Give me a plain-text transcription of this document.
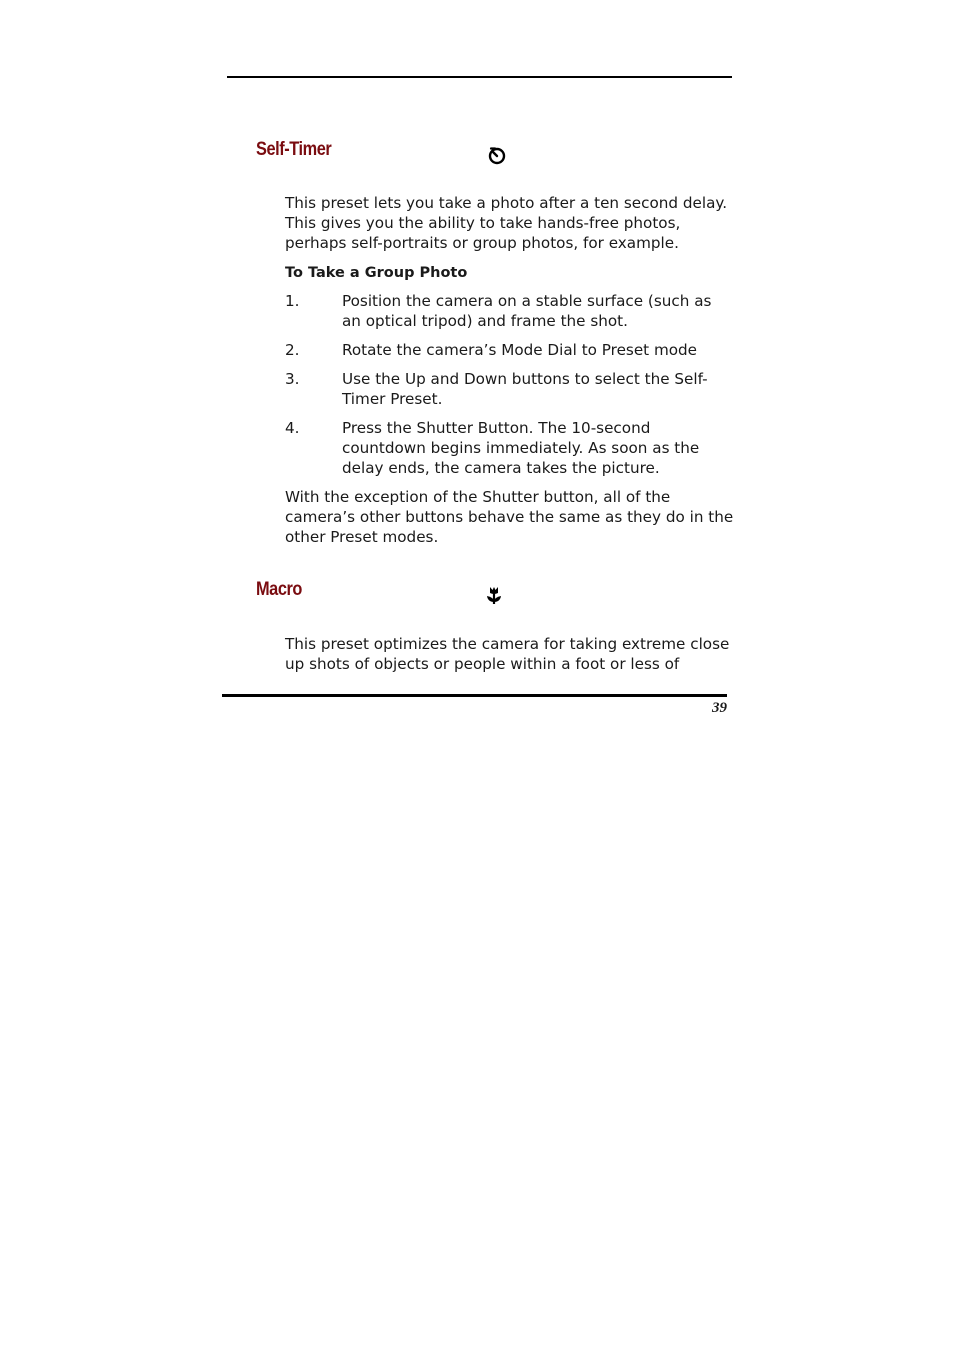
Self-Timer
This preset lets you take a photo after a ten second delay. This gives you the ability to take hands-free photos, perhaps self-portraits or group photos, for example.
To Take a Group Photo
1.	Position the camera on a stable surface (such as an optical tripod) and frame the shot.
2.	Rotate the camera’s Mode Dial to Preset mode
3.	Use the Up and Down buttons to select the Self-Timer Preset.
4.	Press the Shutter Button. The 10-second countdown begins immediately. As soon as the delay ends, the camera takes the picture.
With the exception of the Shutter button, all of the camera’s other buttons behave the same as they do in the other Preset modes.
Macro
This preset optimizes the camera for taking extreme close up shots of objects or people within a foot or less of
39
